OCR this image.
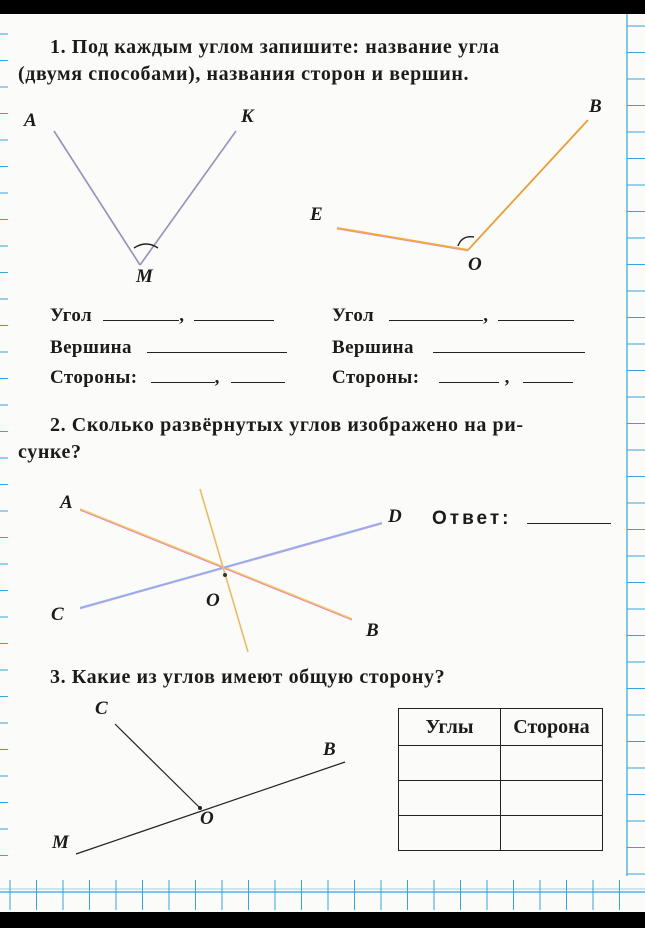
1. Под каждым углом запишите: название угла
(двумя способами), названия сторон и вершин.
A	K
M
B
E
O
Угол	,
Вершина
Стороны:	,
Угол	,
Вершина
Стороны:	,
2. Сколько развёрнутых углов изображено на ри-
сунке?
A
D
C
O
B
Ответ:
3. Какие из углов имеют общую сторону?
C
B
O
M
Углы	Сторона
